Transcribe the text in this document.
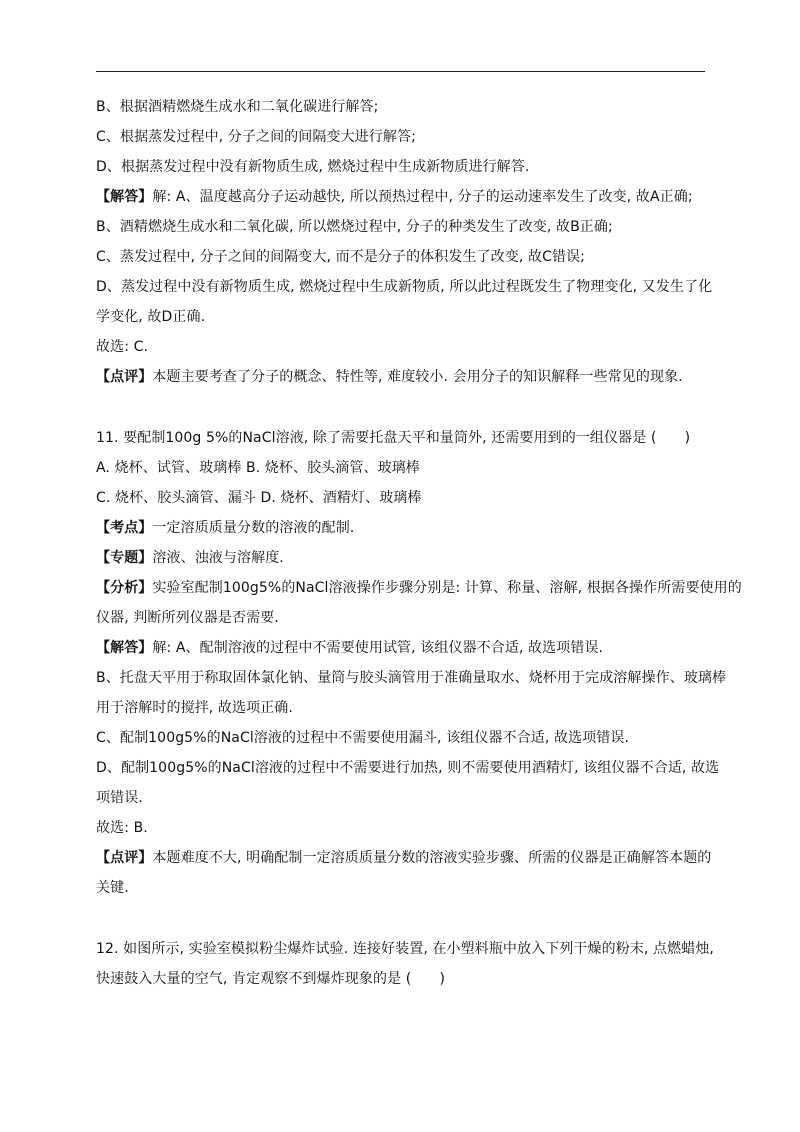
B、根据酒精燃烧生成水和二氧化碳进行解答;
C、根据蒸发过程中, 分子之间的间隔变大进行解答;
D、根据蒸发过程中没有新物质生成, 燃烧过程中生成新物质进行解答.
【解答】解: A、温度越高分子运动越快, 所以预热过程中, 分子的运动速率发生了改变, 故A正确;
B、酒精燃烧生成水和二氧化碳, 所以燃烧过程中, 分子的种类发生了改变, 故B正确;
C、蒸发过程中, 分子之间的间隔变大, 而不是分子的体积发生了改变, 故C错误;
D、蒸发过程中没有新物质生成, 燃烧过程中生成新物质, 所以此过程既发生了物理变化, 又发生了化
学变化, 故D正确.
故选: C.
【点评】本题主要考查了分子的概念、特性等, 难度较小. 会用分子的知识解释一些常见的现象.
11. 要配制100g 5%的NaCl溶液, 除了需要托盘天平和量筒外, 还需要用到的一组仪器是 (　　)
A. 烧杯、试管、玻璃棒 B. 烧杯、胶头滴管、玻璃棒
C. 烧杯、胶头滴管、漏斗 D. 烧杯、酒精灯、玻璃棒
【考点】一定溶质质量分数的溶液的配制.
【专题】溶液、浊液与溶解度.
【分析】实验室配制100g5%的NaCl溶液操作步骤分别是: 计算、称量、溶解, 根据各操作所需要使用的
仪器, 判断所列仪器是否需要.
【解答】解: A、配制溶液的过程中不需要使用试管, 该组仪器不合适, 故选项错误.
B、托盘天平用于称取固体氯化钠、量筒与胶头滴管用于准确量取水、烧杯用于完成溶解操作、玻璃棒
用于溶解时的搅拌, 故选项正确.
C、配制100g5%的NaCl溶液的过程中不需要使用漏斗, 该组仪器不合适, 故选项错误.
D、配制100g5%的NaCl溶液的过程中不需要进行加热, 则不需要使用酒精灯, 该组仪器不合适, 故选
项错误.
故选: B.
【点评】本题难度不大, 明确配制一定溶质质量分数的溶液实验步骤、所需的仪器是正确解答本题的
关键.
12. 如图所示, 实验室模拟粉尘爆炸试验. 连接好装置, 在小塑料瓶中放入下列干燥的粉末, 点燃蜡烛,
快速鼓入大量的空气, 肯定观察不到爆炸现象的是 (　　)
